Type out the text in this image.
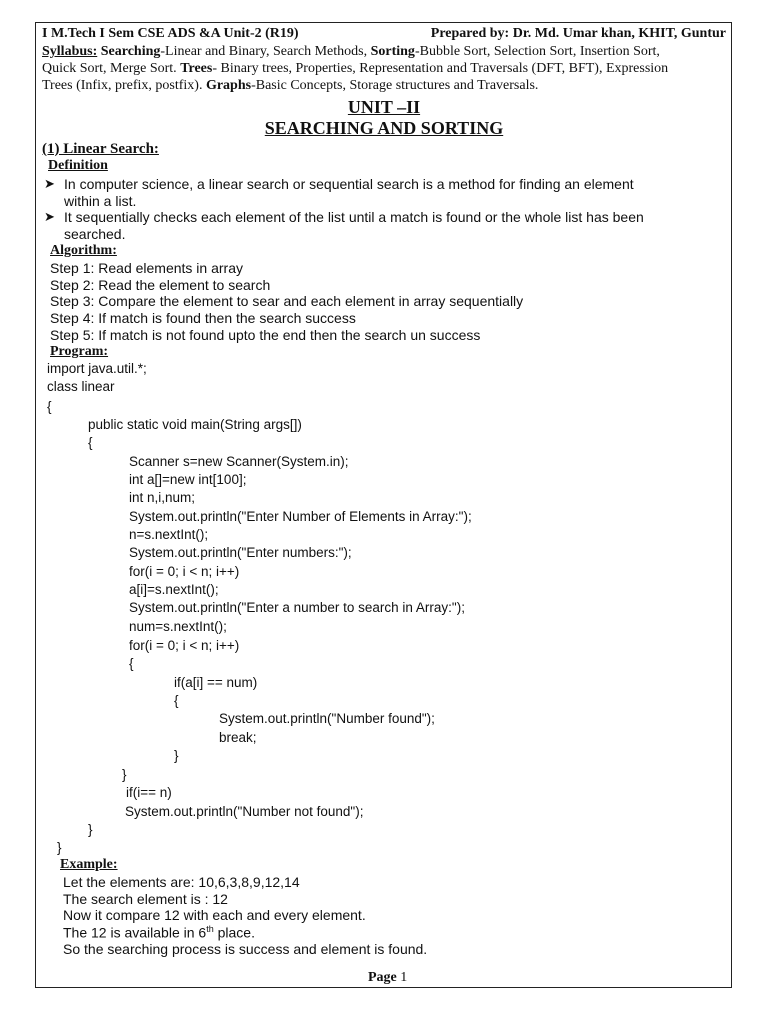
I M.Tech I Sem CSE ADS &A Unit-2 (R19)	Prepared by: Dr. Md. Umar khan, KHIT, Guntur
Syllabus: Searching-Linear and Binary, Search Methods, Sorting-Bubble Sort, Selection Sort, Insertion Sort,
Quick Sort, Merge Sort. Trees- Binary trees, Properties, Representation and Traversals (DFT, BFT), Expression
Trees (Infix, prefix, postfix). Graphs-Basic Concepts, Storage structures and Traversals.
UNIT –II
SEARCHING AND SORTING
(1) Linear Search:
Definition
➤ In computer science, a linear search or sequential search is a method for finding an element
within a list.
➤ It sequentially checks each element of the list until a match is found or the whole list has been
searched.
Algorithm:
Step 1: Read elements in array
Step 2: Read the element to search
Step 3: Compare the element to sear and each element in array sequentially
Step 4: If match is found then the search success
Step 5: If match is not found upto the end then the search un success
Program:
import java.util.*;
class linear
{
public static void main(String args[])
{
Scanner s=new Scanner(System.in);
int a[]=new int[100];
int n,i,num;
System.out.println("Enter Number of Elements in Array:");
n=s.nextInt();
System.out.println("Enter numbers:");
for(i = 0; i < n; i++)
a[i]=s.nextInt();
System.out.println("Enter a number to search in Array:");
num=s.nextInt();
for(i = 0; i < n; i++)
{
if(a[i] == num)
{
System.out.println("Number found");
break;
}
}
if(i== n)
System.out.println("Number not found");
}
}
Example:
Let the elements are: 10,6,3,8,9,12,14
The search element is : 12
Now it compare 12 with each and every element.
The 12 is available in 6th place.
So the searching process is success and element is found.
Page 1
